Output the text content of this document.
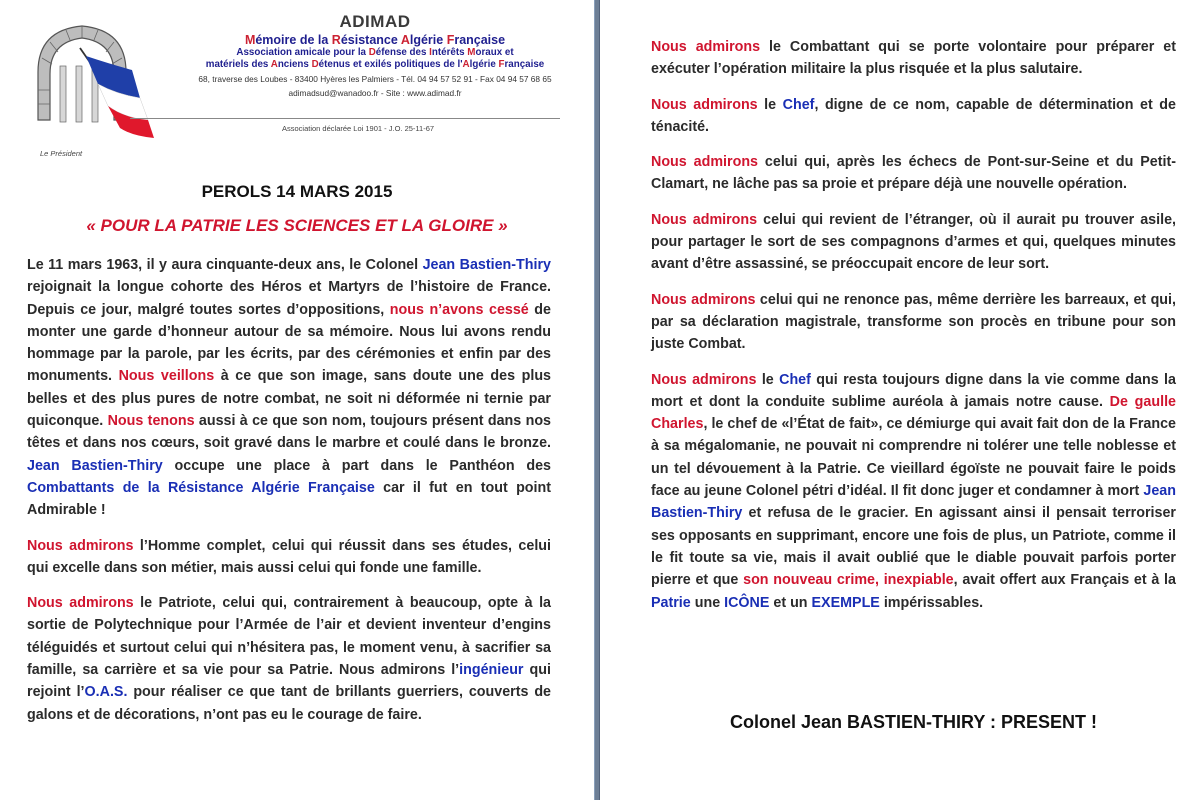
ADIMAD
Mémoire de la Résistance Algérie Française
Association amicale pour la Défense des Intérêts Moraux et
matériels des Anciens Détenus et exilés politiques de l'Algérie Française
68, traverse des Loubes - 83400 Hyères les Palmiers - Tél. 04 94 57 52 91 - Fax 04 94 57 68 65
adimadsud@wanadoo.fr - Site : www.adimad.fr
Association déclarée Loi 1901 - J.O. 25-11-67
Le Président
PEROLS 14 MARS 2015
« POUR LA PATRIE LES SCIENCES ET LA GLOIRE »

Le 11 mars 1963, il y aura cinquante-deux ans, le Colonel Jean Bastien-Thiry rejoignait la longue cohorte des Héros et Martyrs de l’histoire de France. Depuis ce jour, malgré toutes sortes d’oppositions, nous n’avons cessé de monter une garde d’honneur autour de sa mémoire. Nous lui avons rendu hommage par la parole, par les écrits, par des cérémonies et enfin par des monuments. Nous veillons à ce que son image, sans doute une des plus belles et des plus pures de notre combat, ne soit ni déformée ni ternie par quiconque. Nous tenons aussi à ce que son nom, toujours présent dans nos têtes et dans nos cœurs, soit gravé dans le marbre et coulé dans le bronze. Jean Bastien-Thiry occupe une place à part dans le Panthéon des Combattants de la Résistance Algérie Française car il fut en tout point Admirable !

Nous admirons l’Homme complet, celui qui réussit dans ses études, celui qui excelle dans son métier, mais aussi celui qui fonde une famille.

Nous admirons le Patriote, celui qui, contrairement à beaucoup, opte à la sortie de Polytechnique pour l’Armée de l’air et devient inventeur d’engins téléguidés et surtout celui qui n’hésitera pas, le moment venu, à sacrifier sa famille, sa carrière et sa vie pour sa Patrie. Nous admirons l’ingénieur qui rejoint l’O.A.S. pour réaliser ce que tant de brillants guerriers, couverts de galons et de décorations, n’ont pas eu le courage de faire.

Nous admirons le Combattant qui se porte volontaire pour préparer et exécuter l’opération militaire la plus risquée et la plus salutaire.

Nous admirons le Chef, digne de ce nom, capable de détermination et de ténacité.

Nous admirons celui qui, après les échecs de Pont-sur-Seine et du Petit-Clamart, ne lâche pas sa proie et prépare déjà une nouvelle opération.

Nous admirons celui qui revient de l’étranger, où il aurait pu trouver asile, pour partager le sort de ses compagnons d’armes et qui, quelques minutes avant d’être assassiné, se préoccupait encore de leur sort.

Nous admirons celui qui ne renonce pas, même derrière les barreaux, et qui, par sa déclaration magistrale, transforme son procès en tribune pour son juste Combat.

Nous admirons le Chef qui resta toujours digne dans la vie comme dans la mort et dont la conduite sublime auréola à jamais notre cause. De gaulle Charles, le chef de «l’État de fait», ce démiurge qui avait fait don de la France à sa mégalomanie, ne pouvait ni comprendre ni tolérer une telle noblesse et un tel dévouement à la Patrie. Ce vieillard égoïste ne pouvait faire le poids face au jeune Colonel pétri d’idéal. Il fit donc juger et condamner à mort Jean Bastien-Thiry et refusa de le gracier. En agissant ainsi il pensait terroriser ses opposants en supprimant, encore une fois de plus, un Patriote, comme il le fit toute sa vie, mais il avait oublié que le diable pouvait parfois porter pierre et que son nouveau crime, inexpiable, avait offert aux Français et à la Patrie une ICÔNE et un EXEMPLE impérissables.

Colonel Jean BASTIEN-THIRY : PRESENT !
